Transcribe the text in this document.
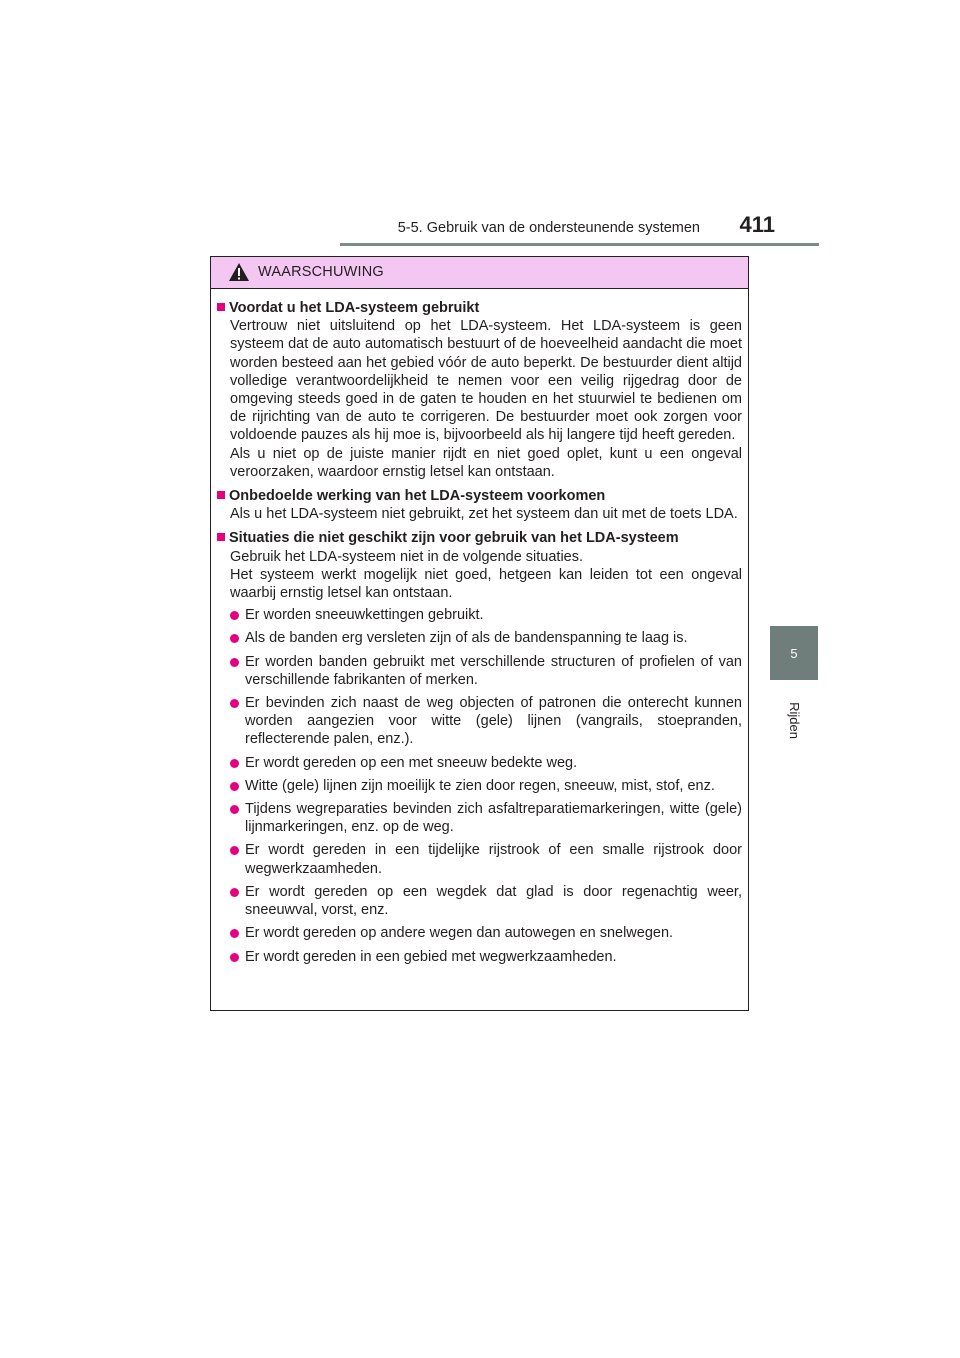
5-5. Gebruik van de ondersteunende systemen	411
5
Rijden
WAARSCHUWING
Voordat u het LDA-systeem gebruikt
Vertrouw niet uitsluitend op het LDA-systeem. Het LDA-systeem is geen systeem dat de auto automatisch bestuurt of de hoeveelheid aandacht die moet worden besteed aan het gebied vóór de auto beperkt. De bestuurder dient altijd volledige verantwoordelijkheid te nemen voor een veilig rijgedrag door de omgeving steeds goed in de gaten te houden en het stuurwiel te bedienen om de rijrichting van de auto te corrigeren. De bestuurder moet ook zorgen voor voldoende pauzes als hij moe is, bijvoorbeeld als hij langere tijd heeft gereden.
Als u niet op de juiste manier rijdt en niet goed oplet, kunt u een ongeval veroorzaken, waardoor ernstig letsel kan ontstaan.
Onbedoelde werking van het LDA-systeem voorkomen
Als u het LDA-systeem niet gebruikt, zet het systeem dan uit met de toets LDA.
Situaties die niet geschikt zijn voor gebruik van het LDA-systeem
Gebruik het LDA-systeem niet in de volgende situaties.
Het systeem werkt mogelijk niet goed, hetgeen kan leiden tot een ongeval waarbij ernstig letsel kan ontstaan.
Er worden sneeuwkettingen gebruikt.
Als de banden erg versleten zijn of als de bandenspanning te laag is.
Er worden banden gebruikt met verschillende structuren of profielen of van verschillende fabrikanten of merken.
Er bevinden zich naast de weg objecten of patronen die onterecht kunnen worden aangezien voor witte (gele) lijnen (vangrails, stoepranden, reflecterende palen, enz.).
Er wordt gereden op een met sneeuw bedekte weg.
Witte (gele) lijnen zijn moeilijk te zien door regen, sneeuw, mist, stof, enz.
Tijdens wegreparaties bevinden zich asfaltreparatiemarkeringen, witte (gele) lijnmarkeringen, enz. op de weg.
Er wordt gereden in een tijdelijke rijstrook of een smalle rijstrook door wegwerkzaamheden.
Er wordt gereden op een wegdek dat glad is door regenachtig weer, sneeuwval, vorst, enz.
Er wordt gereden op andere wegen dan autowegen en snelwegen.
Er wordt gereden in een gebied met wegwerkzaamheden.
